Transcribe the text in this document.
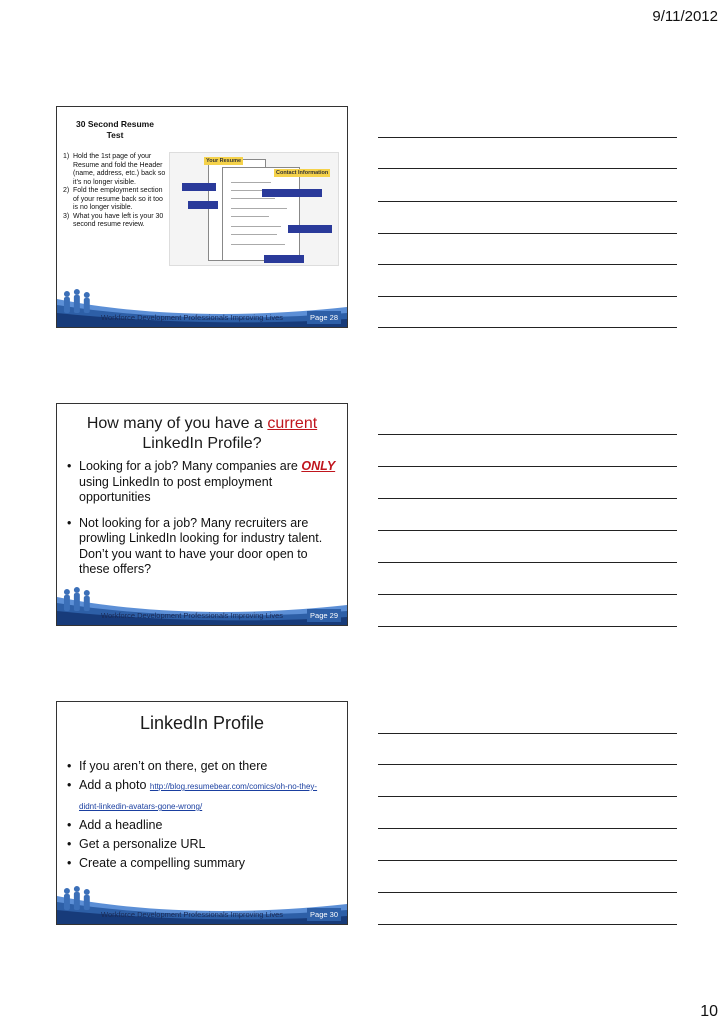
9/11/2012
30 Second Resume Test
1) Hold the 1st page of your Resume and fold the Header (name, address, etc.) back so it’s no longer visible.
2) Fold the employment section of your resume back so it too is no longer visible.
3) What you have left is your 30 second resume review.
Your Resume
Contact Information
Workforce Development Professionals Improving Lives	Page 28
How many of you have a current
LinkedIn Profile?
• Looking for a job? Many companies are ONLY using LinkedIn to post employment opportunities
• Not looking for a job? Many recruiters are prowling LinkedIn looking for industry talent. Don’t you want to have your door open to these offers?
Workforce Development Professionals Improving Lives	Page 29
LinkedIn Profile
• If you aren’t on there, get on there
• Add a photo http://blog.resumebear.com/comics/oh-no-they-didnt-linkedin-avatars-gone-wrong/
• Add a headline
• Get a personalize URL
• Create a compelling summary
Workforce Development Professionals Improving Lives	Page 30
10
